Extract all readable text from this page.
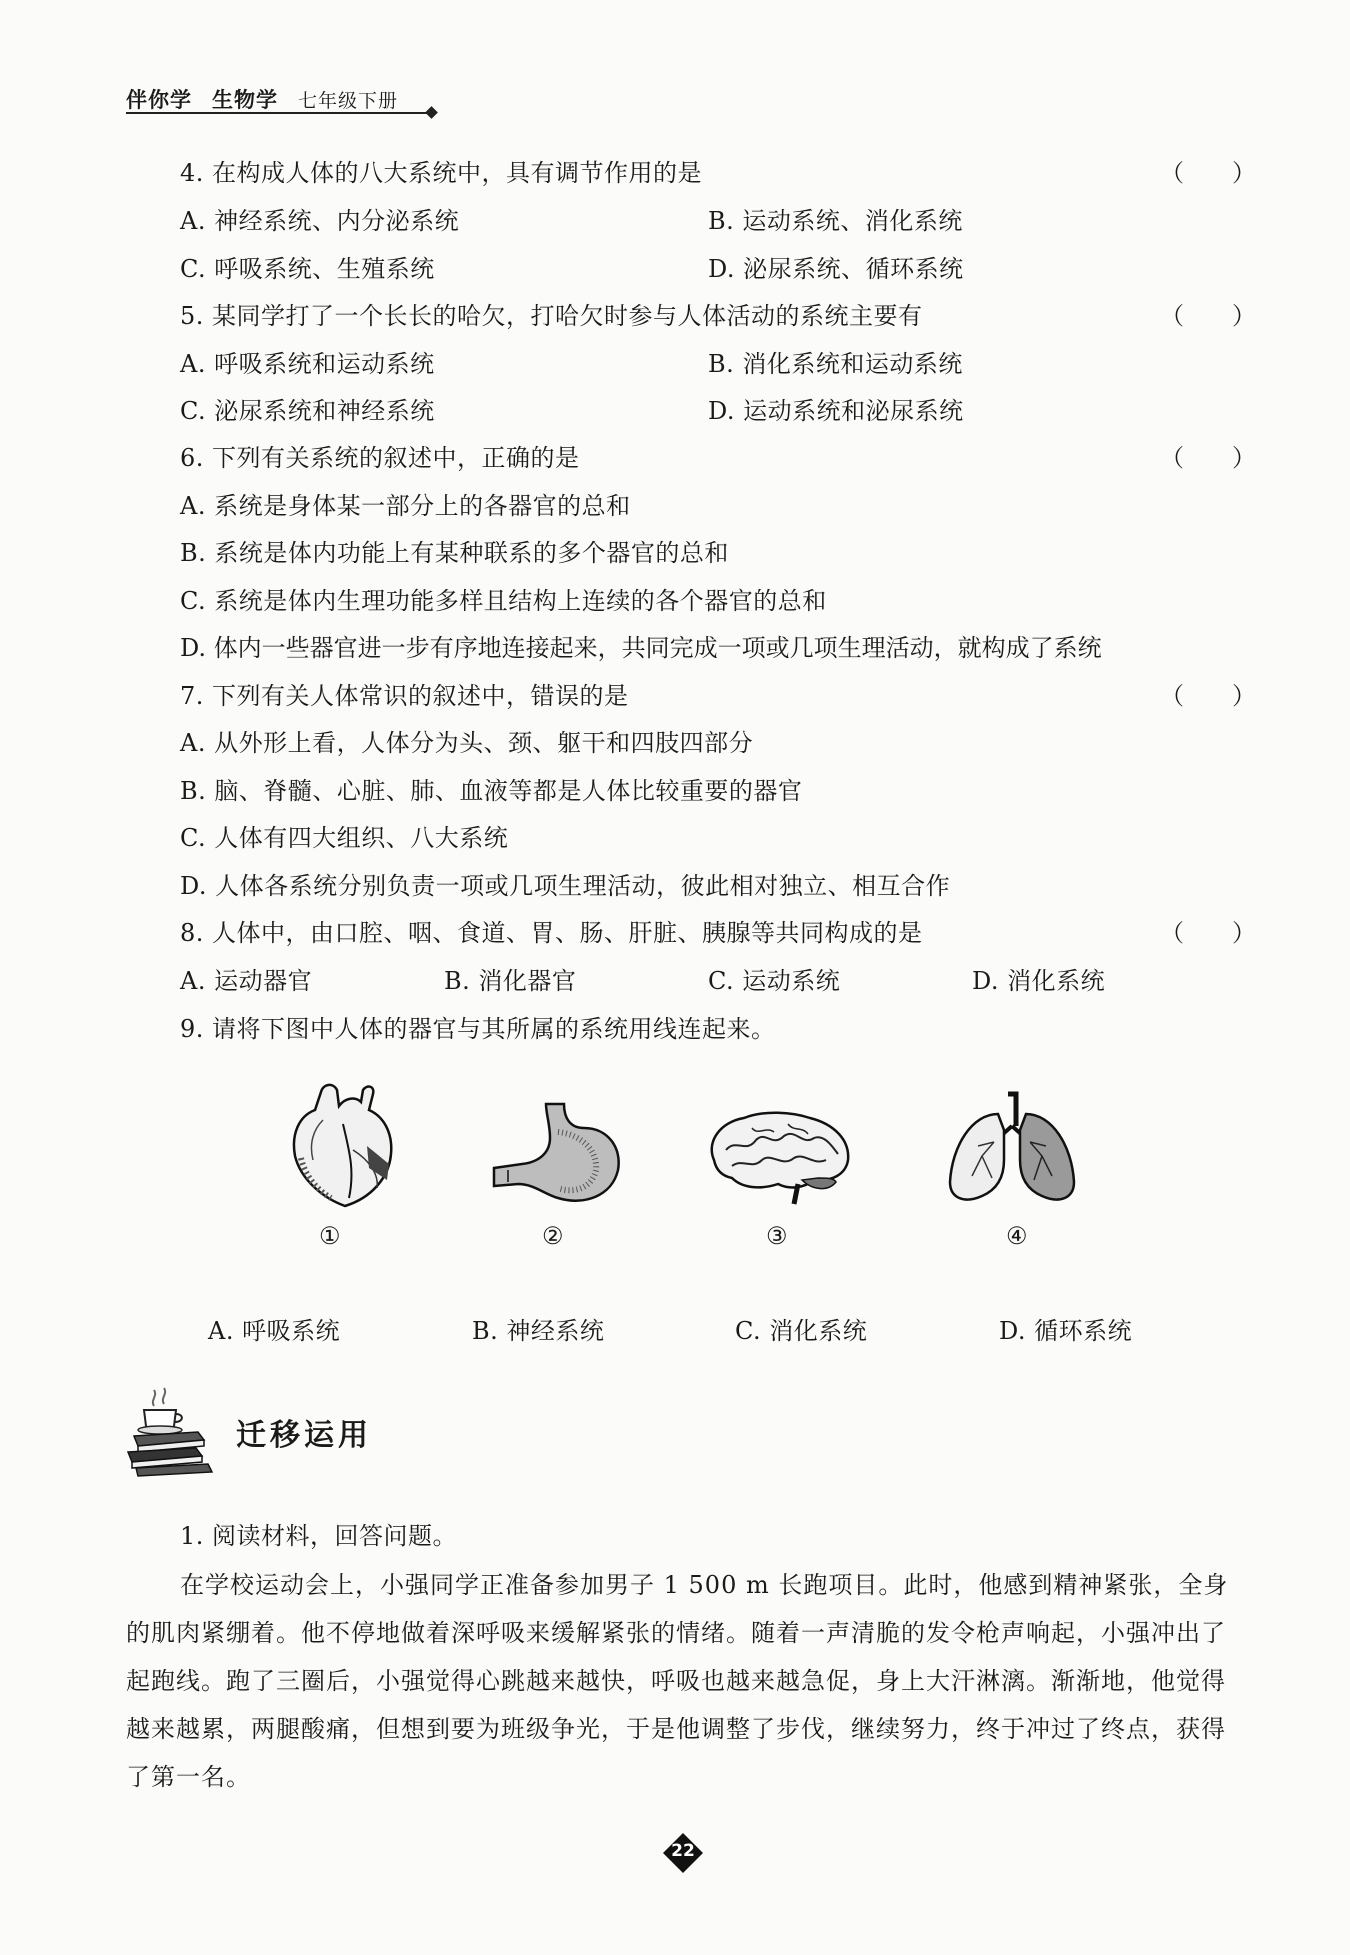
伴你学 生物学 七年级下册
4. 在构成人体的八大系统中，具有调节作用的是	（　　）
A. 神经系统、内分泌系统	B. 运动系统、消化系统
C. 呼吸系统、生殖系统	D. 泌尿系统、循环系统
5. 某同学打了一个长长的哈欠，打哈欠时参与人体活动的系统主要有	（　　）
A. 呼吸系统和运动系统	B. 消化系统和运动系统
C. 泌尿系统和神经系统	D. 运动系统和泌尿系统
6. 下列有关系统的叙述中，正确的是	（　　）
A. 系统是身体某一部分上的各器官的总和
B. 系统是体内功能上有某种联系的多个器官的总和
C. 系统是体内生理功能多样且结构上连续的各个器官的总和
D. 体内一些器官进一步有序地连接起来，共同完成一项或几项生理活动，就构成了系统
7. 下列有关人体常识的叙述中，错误的是	（　　）
A. 从外形上看，人体分为头、颈、躯干和四肢四部分
B. 脑、脊髓、心脏、肺、血液等都是人体比较重要的器官
C. 人体有四大组织、八大系统
D. 人体各系统分别负责一项或几项生理活动，彼此相对独立、相互合作
8. 人体中，由口腔、咽、食道、胃、肠、肝脏、胰腺等共同构成的是	（　　）
A. 运动器官	B. 消化器官	C. 运动系统	D. 消化系统
9. 请将下图中人体的器官与其所属的系统用线连起来。
①	②	③	④
A. 呼吸系统	B. 神经系统	C. 消化系统	D. 循环系统
迁移运用
1. 阅读材料，回答问题。
在学校运动会上，小强同学正准备参加男子 1 500 m 长跑项目。此时，他感到精神紧张，全身的肌肉紧绷着。他不停地做着深呼吸来缓解紧张的情绪。随着一声清脆的发令枪声响起，小强冲出了起跑线。跑了三圈后，小强觉得心跳越来越快，呼吸也越来越急促，身上大汗淋漓。渐渐地，他觉得越来越累，两腿酸痛，但想到要为班级争光，于是他调整了步伐，继续努力，终于冲过了终点，获得了第一名。
22
